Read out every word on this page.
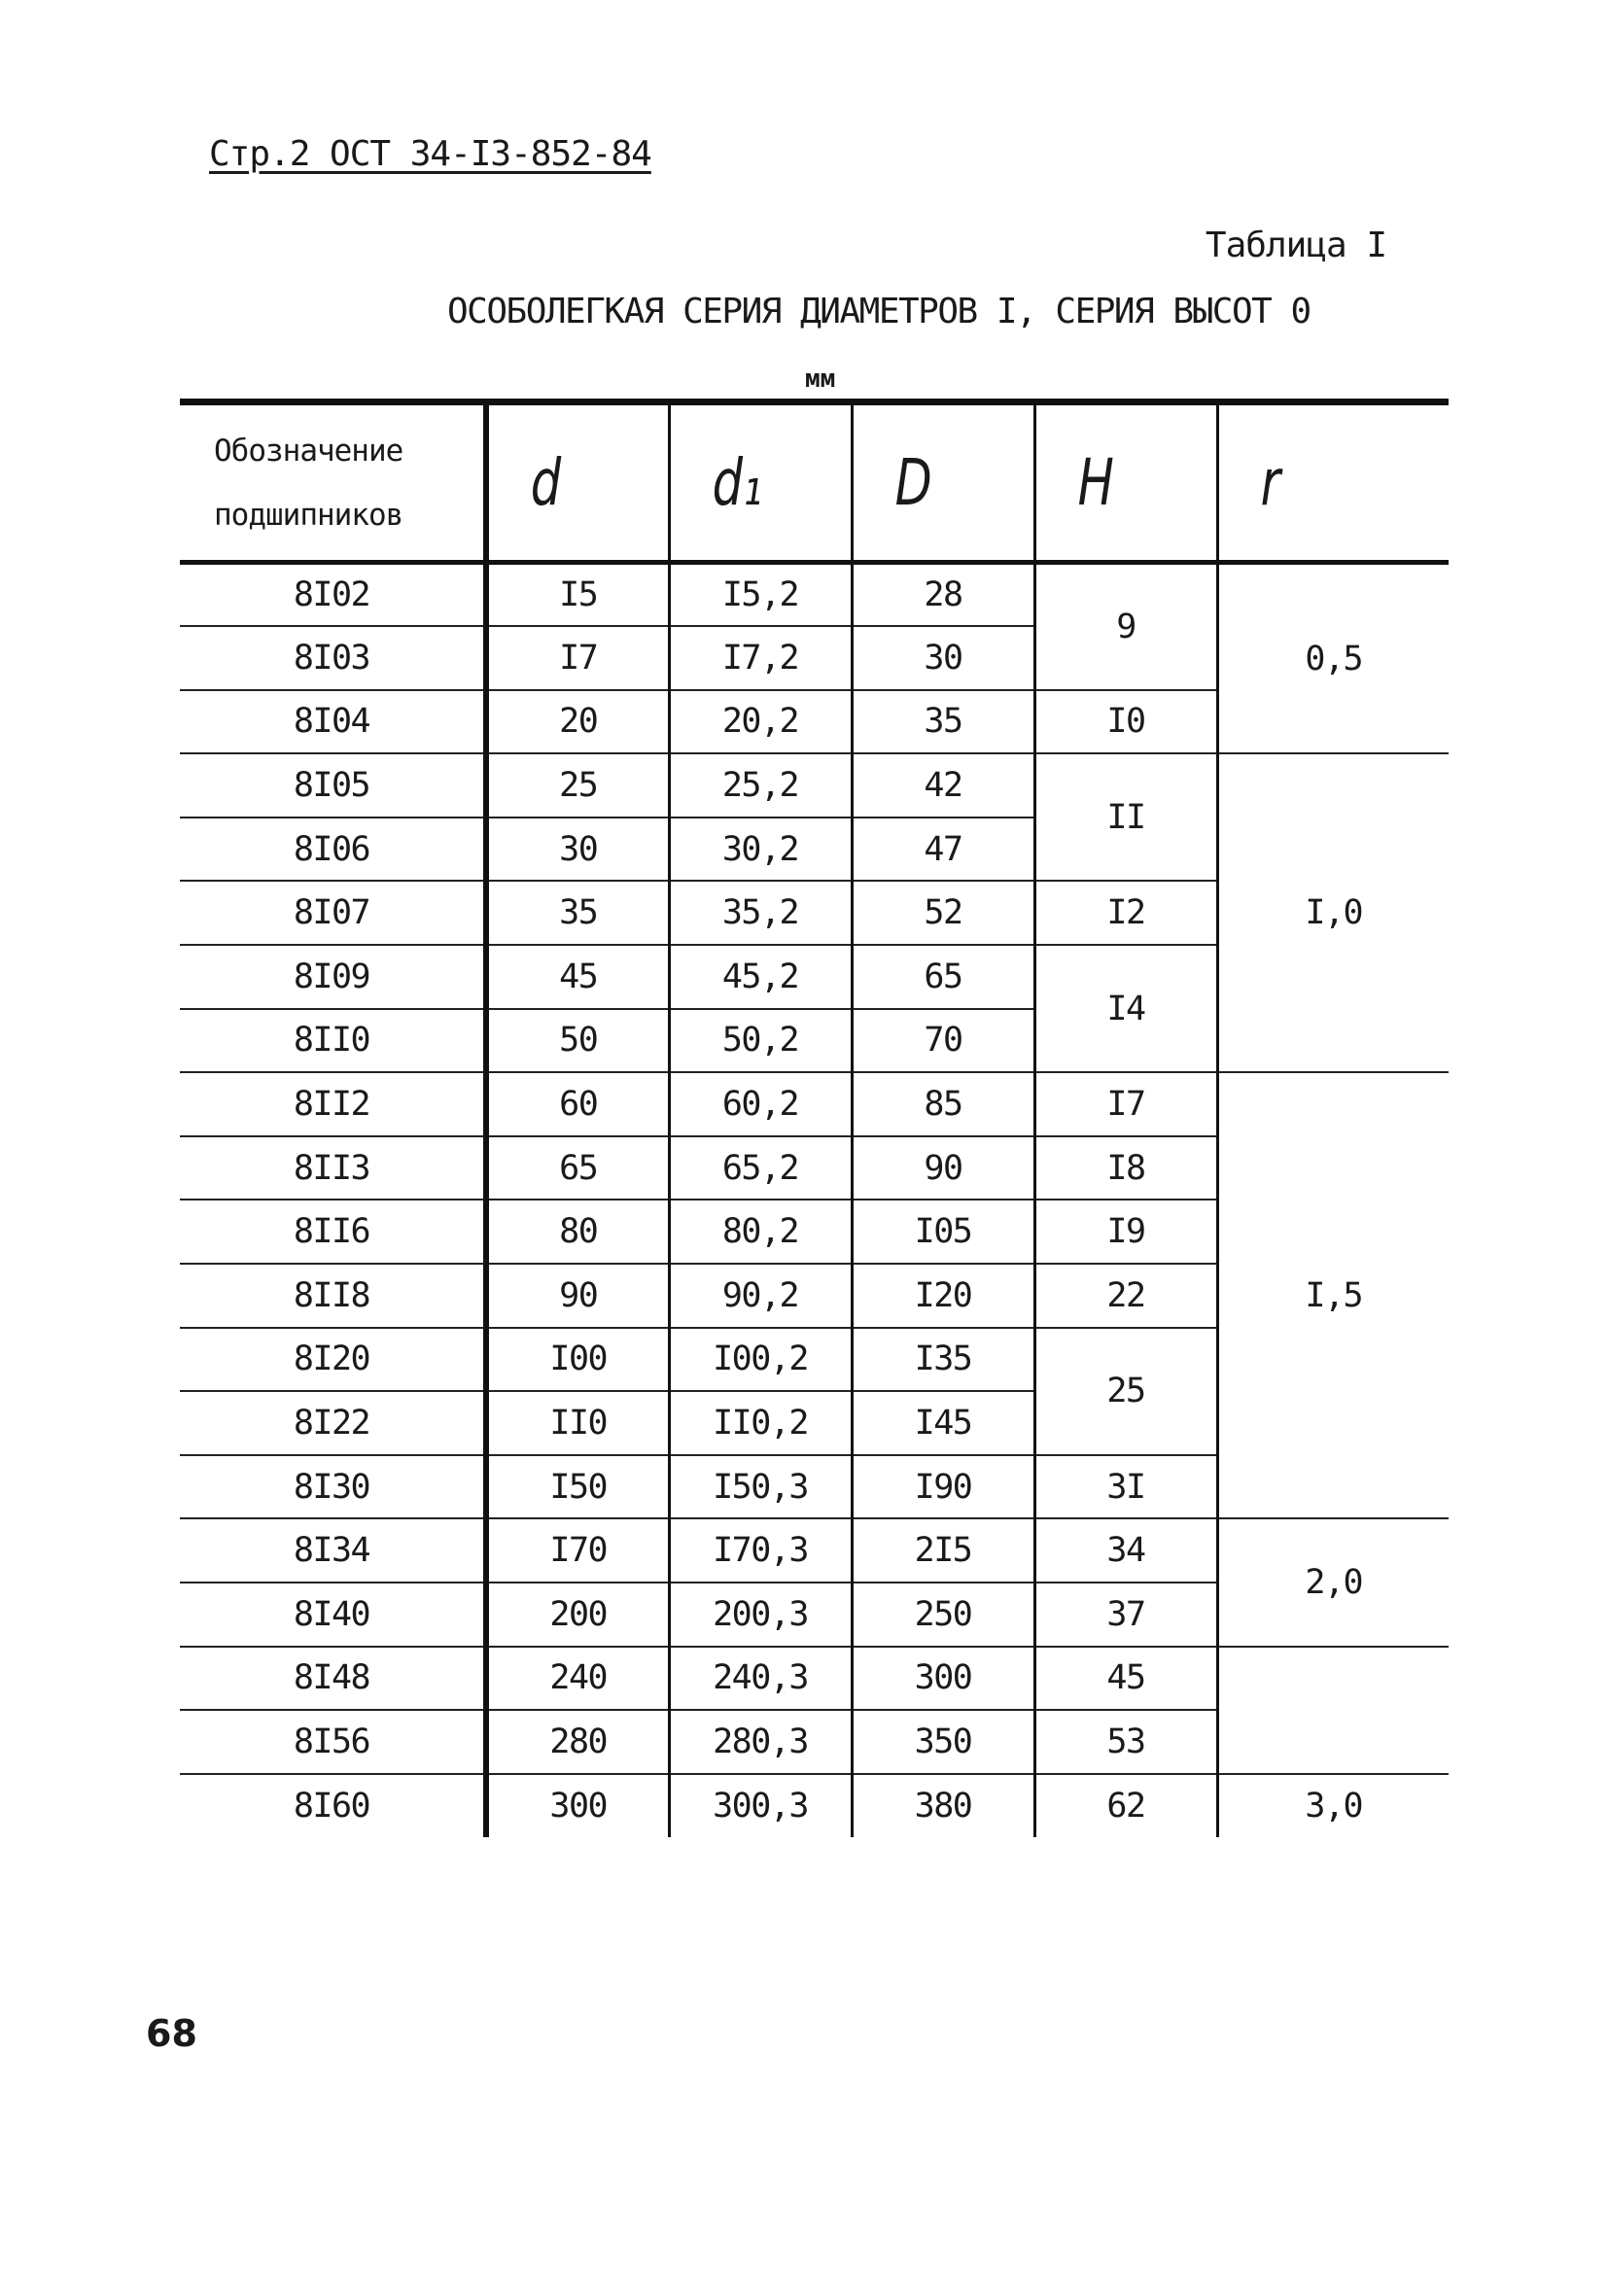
Стр.2 ОСТ 34-I3-852-84
Таблица I
ОСОБОЛЕГКАЯ СЕРИЯ ДИАМЕТРОВ I, СЕРИЯ ВЫСОТ 0
мм
Обозначение
подшипников	d	d₁	D	H	r
8I02	I5	I5,2	28	9	0,5
8I03	I7	I7,2	30		
8I04	20	20,2	35	I0	
8I05	25	25,2	42	II	I,0
8I06	30	30,2	47		
8I07	35	35,2	52	I2	
8I09	45	45,2	65	I4	
8II0	50	50,2	70		
8II2	60	60,2	85	I7	I,5
8II3	65	65,2	90	I8	
8II6	80	80,2	I05	I9	
8II8	90	90,2	I20	22	
8I20	I00	I00,2	I35	25	
8I22	II0	II0,2	I45		
8I30	I50	I50,3	I90	3I	
8I34	I70	I70,3	2I5	34	2,0
8I40	200	200,3	250	37	
8I48	240	240,3	300	45	
8I56	280	280,3	350	53	
8I60	300	300,3	380	62	3,0
68
